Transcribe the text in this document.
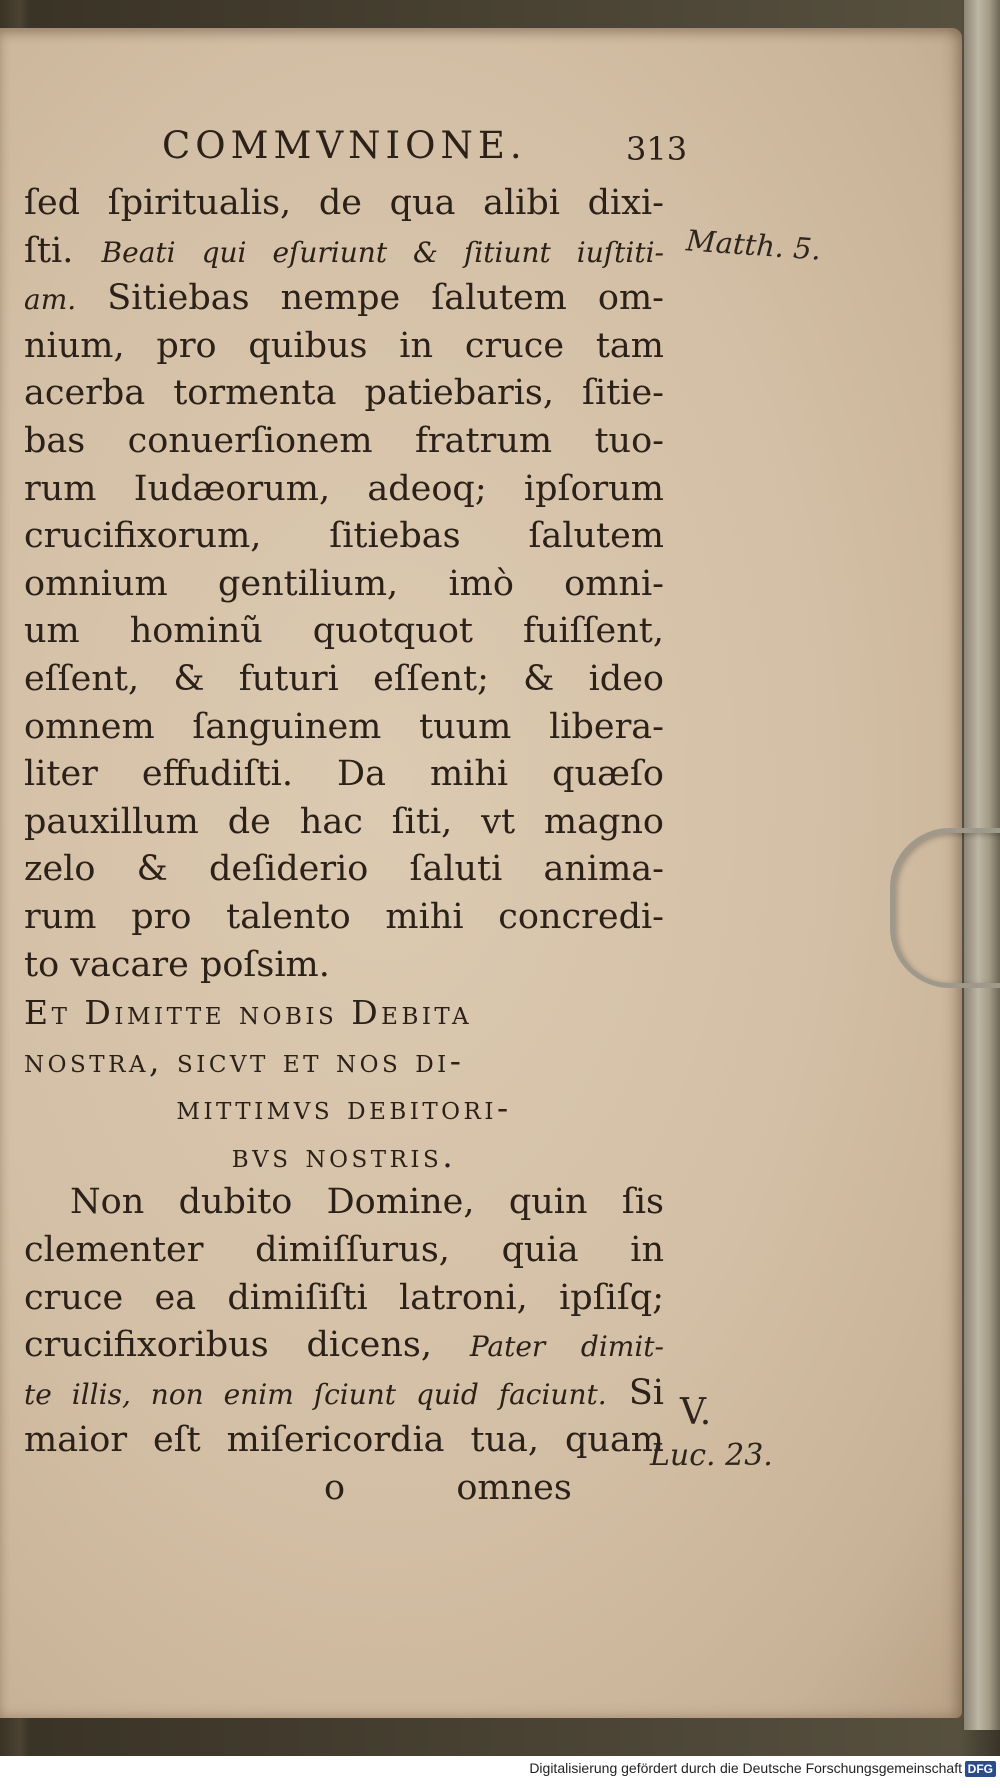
COMMVNIONE.	313
ſed ſpiritualis, de qua alibi dixi-
ſti. Beati qui eſuriunt & ſitiunt iuſtiti-
am. Sitiebas nempe ſalutem om-
nium, pro quibus in cruce tam
acerba tormenta patiebaris, ſitie-
bas conuerſionem fratrum tuo-
rum Iudæorum, adeoq; ipſorum
crucifixorum, ſitiebas ſalutem
omnium gentilium, imò omni-
um hominũ quotquot fuiſſent,
eſſent, & futuri eſſent; & ideo
omnem ſanguinem tuum libera-
liter effudiſti. Da mihi quæſo
pauxillum de hac ſiti, vt magno
zelo & deſiderio ſaluti anima-
rum pro talento mihi concredi-
to vacare poſsim.
Et Dimitte nobis Debita
nostra, sicvt et nos di-
mittimvs debitori-
bvs nostris.
Non dubito Domine, quin ſis
clementer dimiſſurus, quia in
cruce ea dimiſiſti latroni, ipſiſq;
crucifixoribus dicens, Pater dimit-
te illis, non enim ſciunt quid faciunt. Si
maior eſt miſericordia tua, quam
o          omnes
Matth. 5.
V.
Luc. 23.
Digitalisierung gefördert durch die Deutsche Forschungsgemeinschaft DFG
